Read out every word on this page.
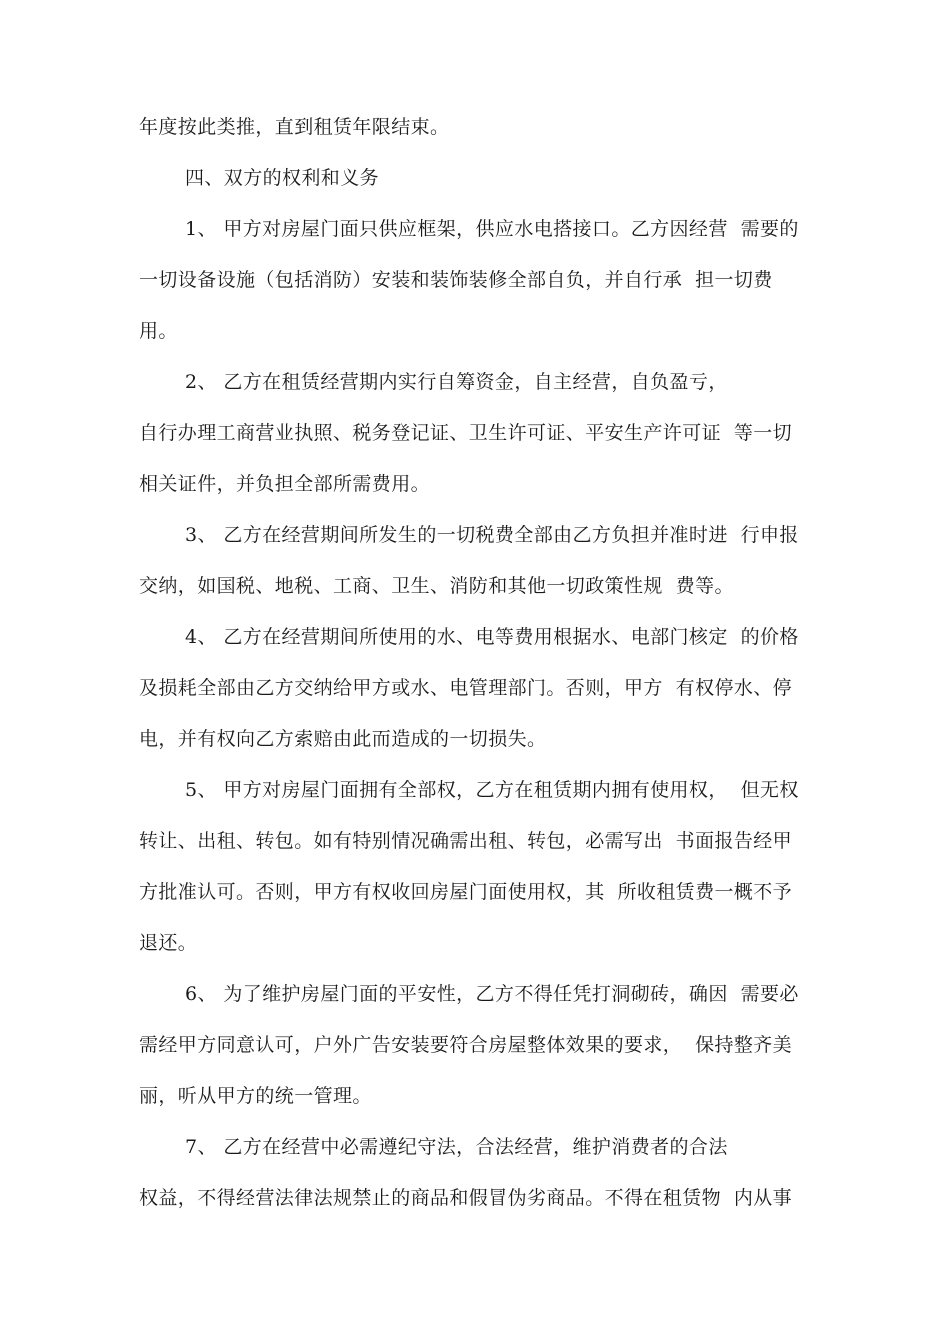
年度按此类推，直到租赁年限结束。
四、双方的权利和义务
1、 甲方对房屋门面只供应框架，供应水电搭接口。乙方因经营  需要的
一切设备设施（包括消防）安装和装饰装修全部自负，并自行承  担一切费
用。
2、 乙方在租赁经营期内实行自筹资金，自主经营，自负盈亏，
自行办理工商营业执照、税务登记证、卫生许可证、平安生产许可证  等一切
相关证件，并负担全部所需费用。
3、 乙方在经营期间所发生的一切税费全部由乙方负担并准时进  行申报
交纳，如国税、地税、工商、卫生、消防和其他一切政策性规  费等。
4、 乙方在经营期间所使用的水、电等费用根据水、电部门核定  的价格
及损耗全部由乙方交纳给甲方或水、电管理部门。否则，甲方  有权停水、停
电，并有权向乙方索赔由此而造成的一切损失。
5、 甲方对房屋门面拥有全部权，乙方在租赁期内拥有使用权，  但无权
转让、出租、转包。如有特别情况确需出租、转包，必需写出  书面报告经甲
方批准认可。否则，甲方有权收回房屋门面使用权，其  所收租赁费一概不予
退还。
6、 为了维护房屋门面的平安性，乙方不得任凭打洞砌砖，确因  需要必
需经甲方同意认可，户外广告安装要符合房屋整体效果的要求，  保持整齐美
丽，听从甲方的统一管理。
7、 乙方在经营中必需遵纪守法，合法经营，维护消费者的合法
权益，不得经营法律法规禁止的商品和假冒伪劣商品。不得在租赁物  内从事
